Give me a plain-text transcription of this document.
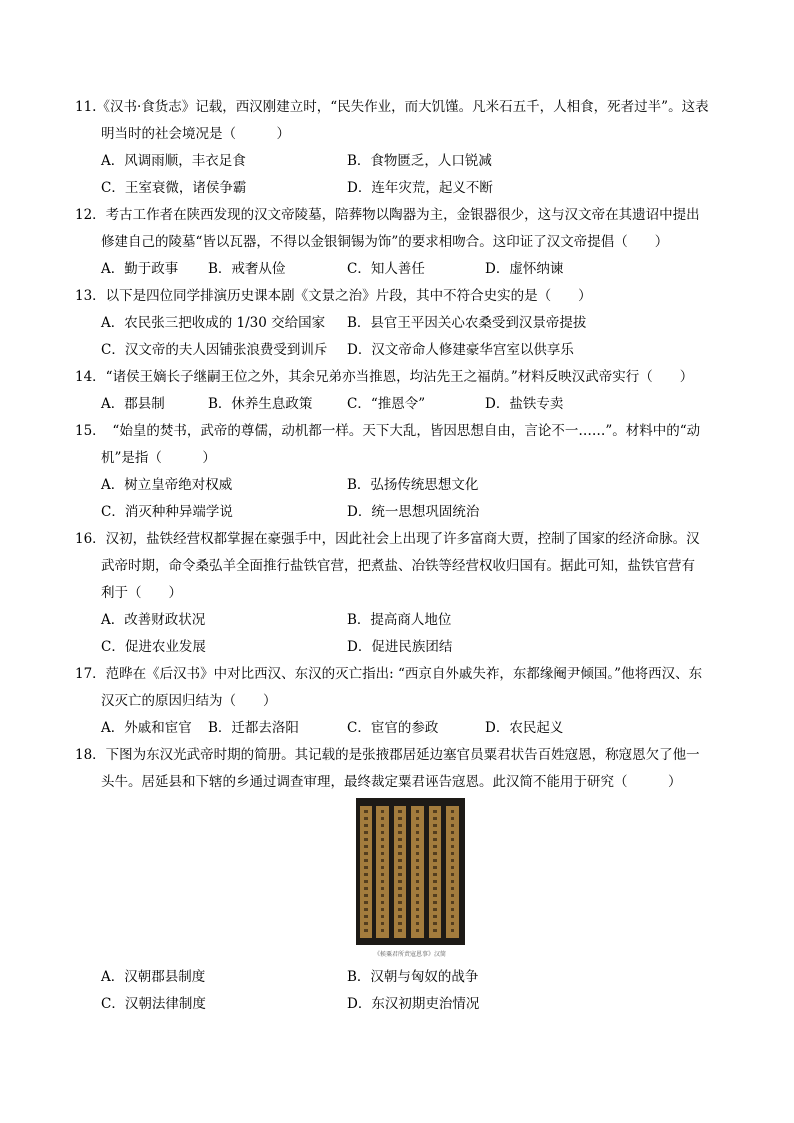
11.《汉书·食货志》记载，西汉刚建立时，“民失作业，而大饥馑。凡米石五千，人相食，死者过半”。这表
明当时的社会境况是（　　　）
A．风调雨顺，丰衣足食	B．食物匮乏，人口锐减
C．王室衰微，诸侯争霸	D．连年灾荒，起义不断
12．考古工作者在陕西发现的汉文帝陵墓，陪葬物以陶器为主，金银器很少，这与汉文帝在其遗诏中提出
修建自己的陵墓“皆以瓦器，不得以金银铜锡为饰”的要求相吻合。这印证了汉文帝提倡（　　）
A．勤于政事 B．戒奢从俭	C．知人善任	D．虚怀纳谏
13．以下是四位同学排演历史课本剧《文景之治》片段，其中不符合史实的是（　　）
A．农民张三把收成的 1/30 交给国家 B．县官王平因关心农桑受到汉景帝提拔
C．汉文帝的夫人因铺张浪费受到训斥 D．汉文帝命人修建豪华宫室以供享乐
14．“诸侯王嫡长子继嗣王位之外，其余兄弟亦当推恩，均沾先王之福荫。”材料反映汉武帝实行（　　）
A．郡县制	B．休养生息政策	C．“推恩令”	D．盐铁专卖
15．　“始皇的焚书，武帝的尊儒，动机都一样。天下大乱，皆因思想自由，言论不一……”。材料中的“动
机”是指（　　　）
A．树立皇帝绝对权威	B．弘扬传统思想文化
C．消灭种种异端学说	D．统一思想巩固统治
16．汉初，盐铁经营权都掌握在豪强手中，因此社会上出现了许多富商大贾，控制了国家的经济命脉。汉
武帝时期，命令桑弘羊全面推行盐铁官营，把煮盐、冶铁等经营权收归国有。据此可知，盐铁官营有
利于（　　）
A．改善财政状况	B．提高商人地位
C．促进农业发展	D．促进民族团结
17．范晔在《后汉书》中对比西汉、东汉的灭亡指出: “西京自外戚失祚，东都缘阉尹倾国。”他将西汉、东
汉灭亡的原因归结为（　　）
A．外戚和宦官 B．迁都去洛阳	C．宦官的参政	D．农民起义
18．下图为东汉光武帝时期的简册。其记载的是张掖郡居延边塞官员粟君状告百姓寇恩，称寇恩欠了他一
头牛。居延县和下辖的乡通过调查审理，最终裁定粟君诬告寇恩。此汉简不能用于研究（　　　）
《候粟君所责寇恩事》汉简
A．汉朝郡县制度	B．汉朝与匈奴的战争
C．汉朝法律制度	D．东汉初期吏治情况
